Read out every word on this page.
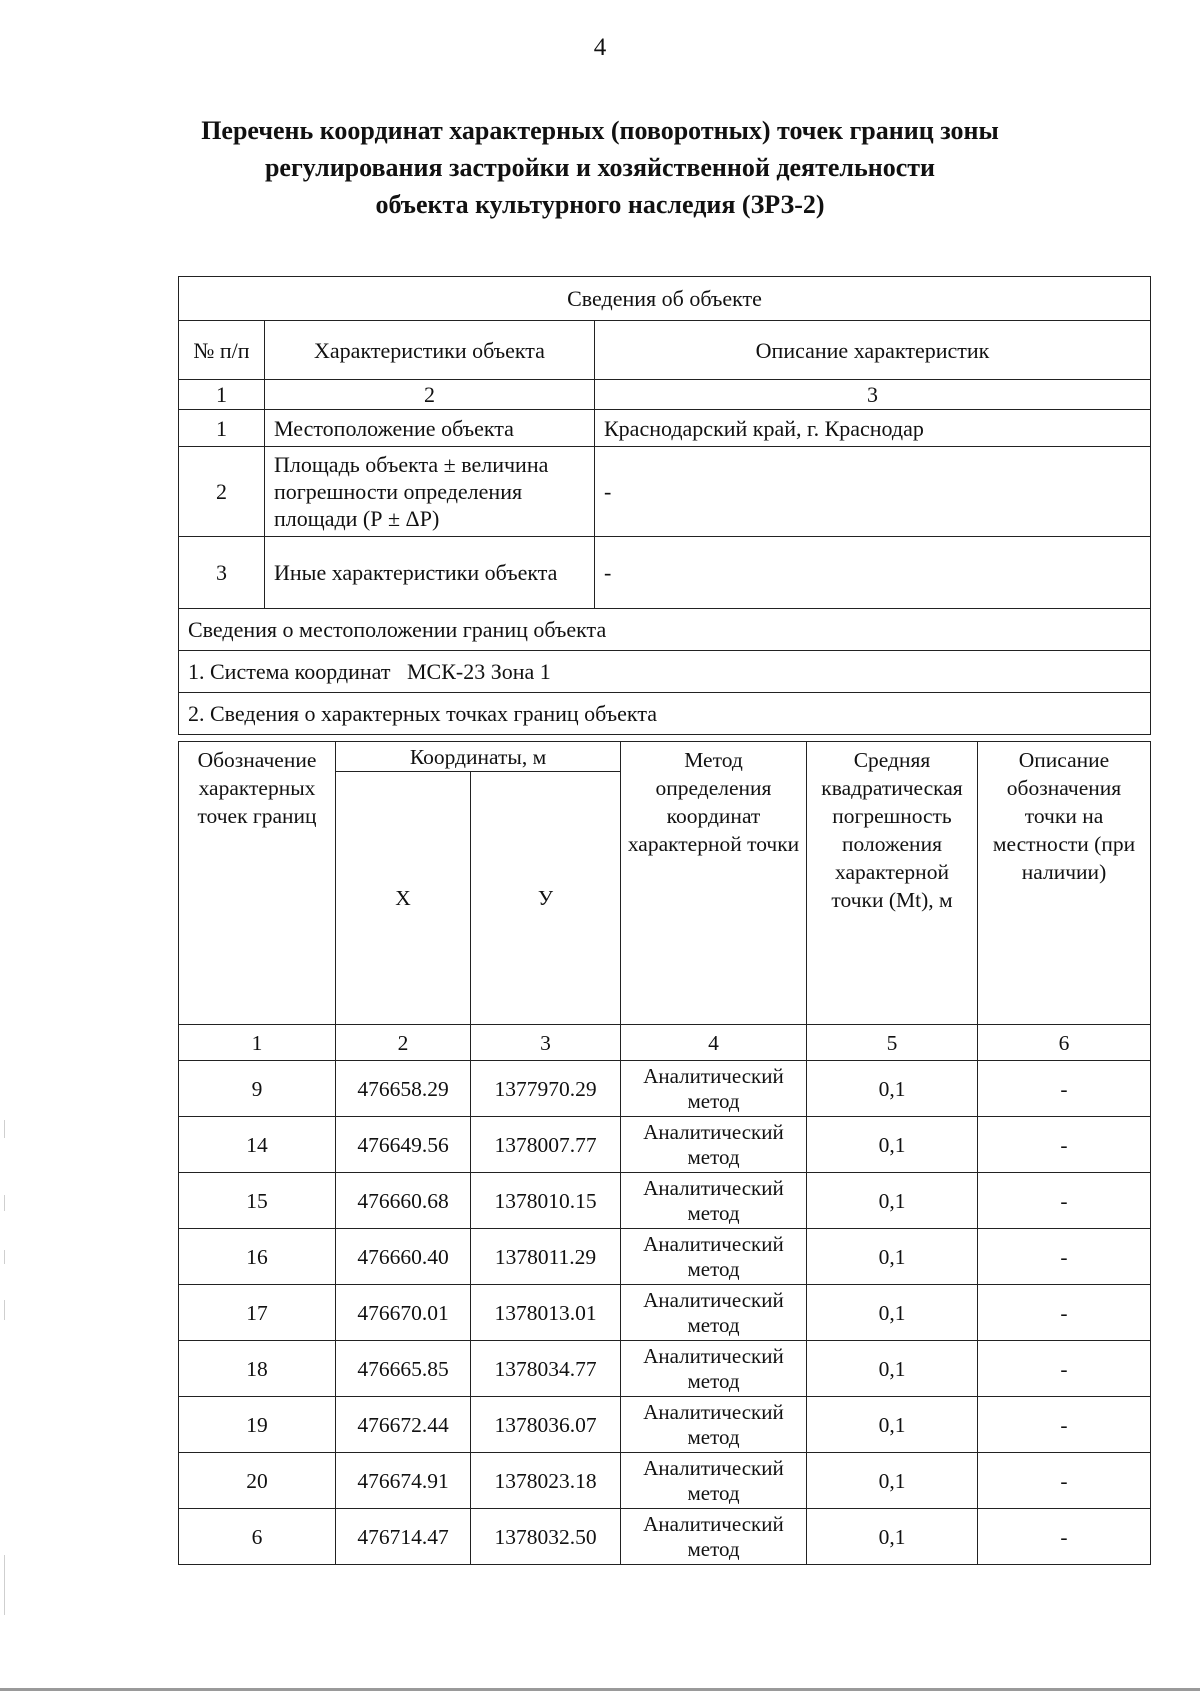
4
Перечень координат характерных (поворотных) точек границ зоны
регулирования застройки и хозяйственной деятельности
объекта культурного наследия (ЗРЗ-2)
Сведения об объекте		
№ п/п	Характеристики объекта	Описание характеристик
1	2	3
1	Местоположение объекта	Краснодарский край, г. Краснодар
2	Площадь объекта ± величина погрешности определения площади (Р ± ΔР)	-
3	Иные характеристики объекта	-
Сведения о местоположении границ объекта		
1. Система координат   МСК-23 Зона 1		
2. Сведения о характерных точках границ объекта		
Обозначение характерных точек границ	Координаты, м		Метод определения координат характерной точки	Средняя квадратическая погрешность положения характерной точки (Mt), м	Описание обозначения точки на местности (при наличии)
	Х	У			
1	2	3	4	5	6
9	476658.29	1377970.29	Аналитический метод	0,1	-
14	476649.56	1378007.77	Аналитический метод	0,1	-
15	476660.68	1378010.15	Аналитический метод	0,1	-
16	476660.40	1378011.29	Аналитический метод	0,1	-
17	476670.01	1378013.01	Аналитический метод	0,1	-
18	476665.85	1378034.77	Аналитический метод	0,1	-
19	476672.44	1378036.07	Аналитический метод	0,1	-
20	476674.91	1378023.18	Аналитический метод	0,1	-
6	476714.47	1378032.50	Аналитический метод	0,1	-
